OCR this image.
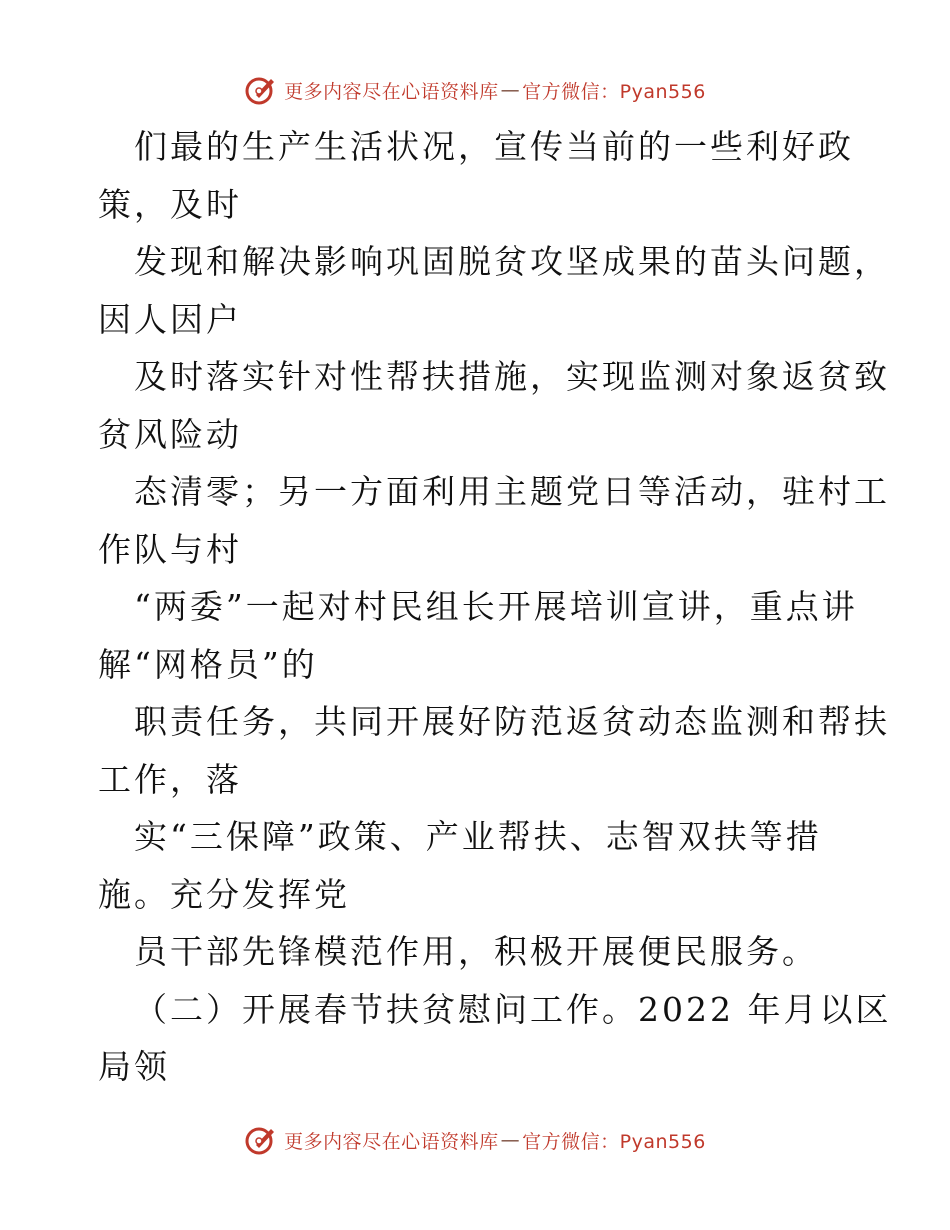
更多内容尽在心语资料库 — 官方微信：Pyan556
们最的生产生活状况，宣传当前的一些利好政
策，及时
发现和解决影响巩固脱贫攻坚成果的苗头问题，
因人因户
及时落实针对性帮扶措施，实现监测对象返贫致
贫风险动
态清零；另一方面利用主题党日等活动，驻村工
作队与村
“两委”一起对村民组长开展培训宣讲，重点讲
解“网格员”的
职责任务，共同开展好防范返贫动态监测和帮扶
工作，落
实“三保障”政策、产业帮扶、志智双扶等措
施。充分发挥党
员干部先锋模范作用，积极开展便民服务。
（二）开展春节扶贫慰问工作。2022 年月以区
局领
更多内容尽在心语资料库 — 官方微信：Pyan556
